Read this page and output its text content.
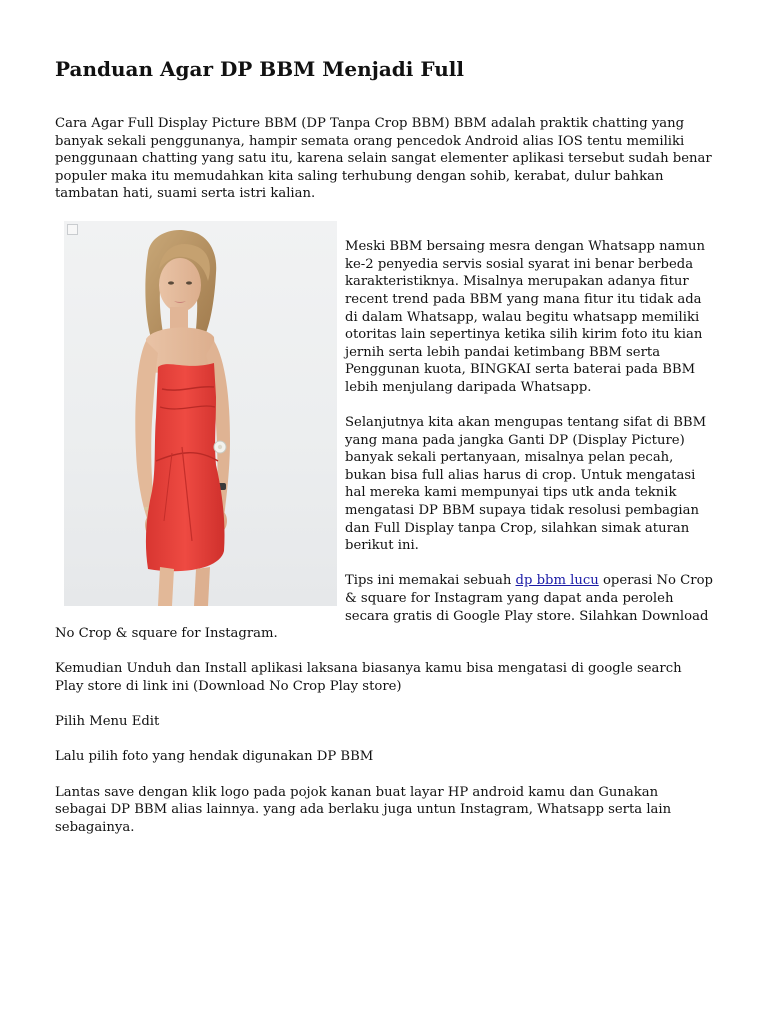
Panduan Agar DP BBM Menjadi Full

Cara Agar Full Display Picture BBM (DP Tanpa Crop BBM) BBM adalah praktik chatting yang banyak sekali penggunanya, hampir semata orang pencedok Android alias IOS tentu memiliki penggunaan chatting yang satu itu, karena selain sangat elementer aplikasi tersebut sudah benar populer maka itu memudahkan kita saling terhubung dengan sohib, kerabat, dulur bahkan tambatan hati, suami serta istri kalian.

Meski BBM bersaing mesra dengan Whatsapp namun ke-2 penyedia servis sosial syarat ini benar berbeda karakteristiknya. Misalnya merupakan adanya fitur recent trend pada BBM yang mana fitur itu tidak ada di dalam Whatsapp, walau begitu whatsapp memiliki otoritas lain sepertinya ketika silih kirim foto itu kian jernih serta lebih pandai ketimbang BBM serta Penggunan kuota, BINGKAI serta baterai pada BBM lebih menjulang daripada Whatsapp.

Selanjutnya kita akan mengupas tentang sifat di BBM yang mana pada jangka Ganti DP (Display Picture) banyak sekali pertanyaan, misalnya pelan pecah, bukan bisa full alias harus di crop. Untuk mengatasi hal mereka kami mempunyai tips utk anda teknik mengatasi DP BBM supaya tidak resolusi pembagian dan Full Display tanpa Crop, silahkan simak aturan berikut ini.

Tips ini memakai sebuah dp bbm lucu operasi No Crop & square for Instagram yang dapat anda peroleh secara gratis di Google Play store. Silahkan Download No Crop & square for Instagram.

Kemudian Unduh dan Install aplikasi laksana biasanya kamu bisa mengatasi di google search Play store di link ini (Download No Crop Play store)

Pilih Menu Edit

Lalu pilih foto yang hendak digunakan DP BBM

Lantas save dengan klik logo pada pojok kanan buat layar HP android kamu dan Gunakan sebagai DP BBM alias lainnya. yang ada berlaku juga untun Instagram, Whatsapp serta lain sebagainya.
